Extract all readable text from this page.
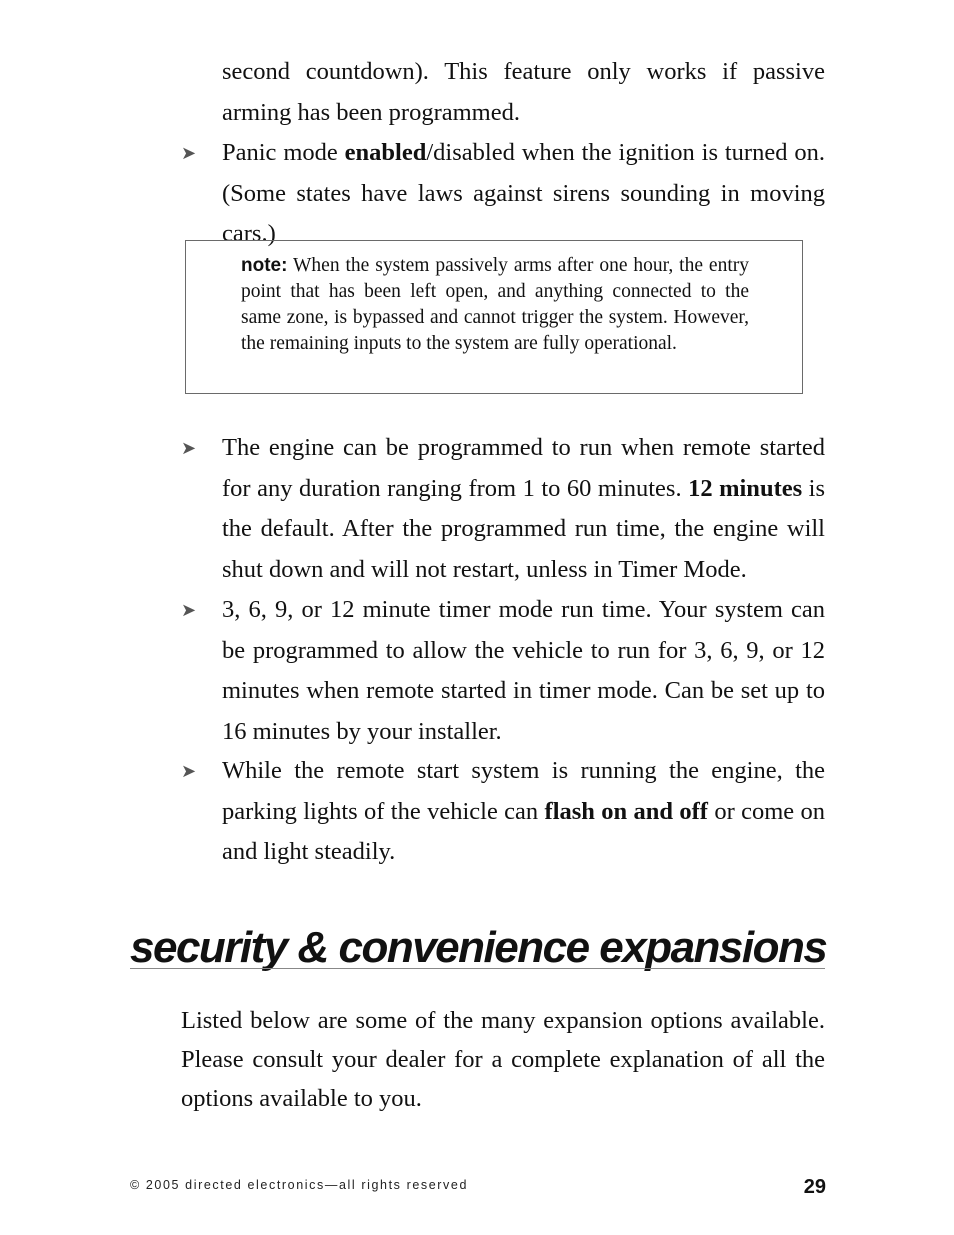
second countdown). This feature only works if passive arming has been programmed.

➤	Panic mode enabled/disabled when the ignition is turned on. (Some states have laws against sirens sounding in moving cars.)
note: When the system passively arms after one hour, the entry point that has been left open, and anything connected to the same zone, is bypassed and cannot trigger the system. However, the remaining inputs to the system are fully operational.
➤	The engine can be programmed to run when remote started for any duration ranging from 1 to 60 minutes. 12 minutes is the default. After the programmed run time, the engine will shut down and will not restart, unless in Timer Mode.
➤	3, 6, 9, or 12 minute timer mode run time. Your system can be programmed to allow the vehicle to run for 3, 6, 9, or 12 minutes when remote started in timer mode. Can be set up to 16 minutes by your installer.
➤	While the remote start system is running the engine, the parking lights of the vehicle can flash on and off or come on and light steadily.
security & convenience expansions

Listed below are some of the many expansion options available. Please consult your dealer for a complete explanation of all the options available to you.

© 2005 directed electronics—all rights reserved	29
